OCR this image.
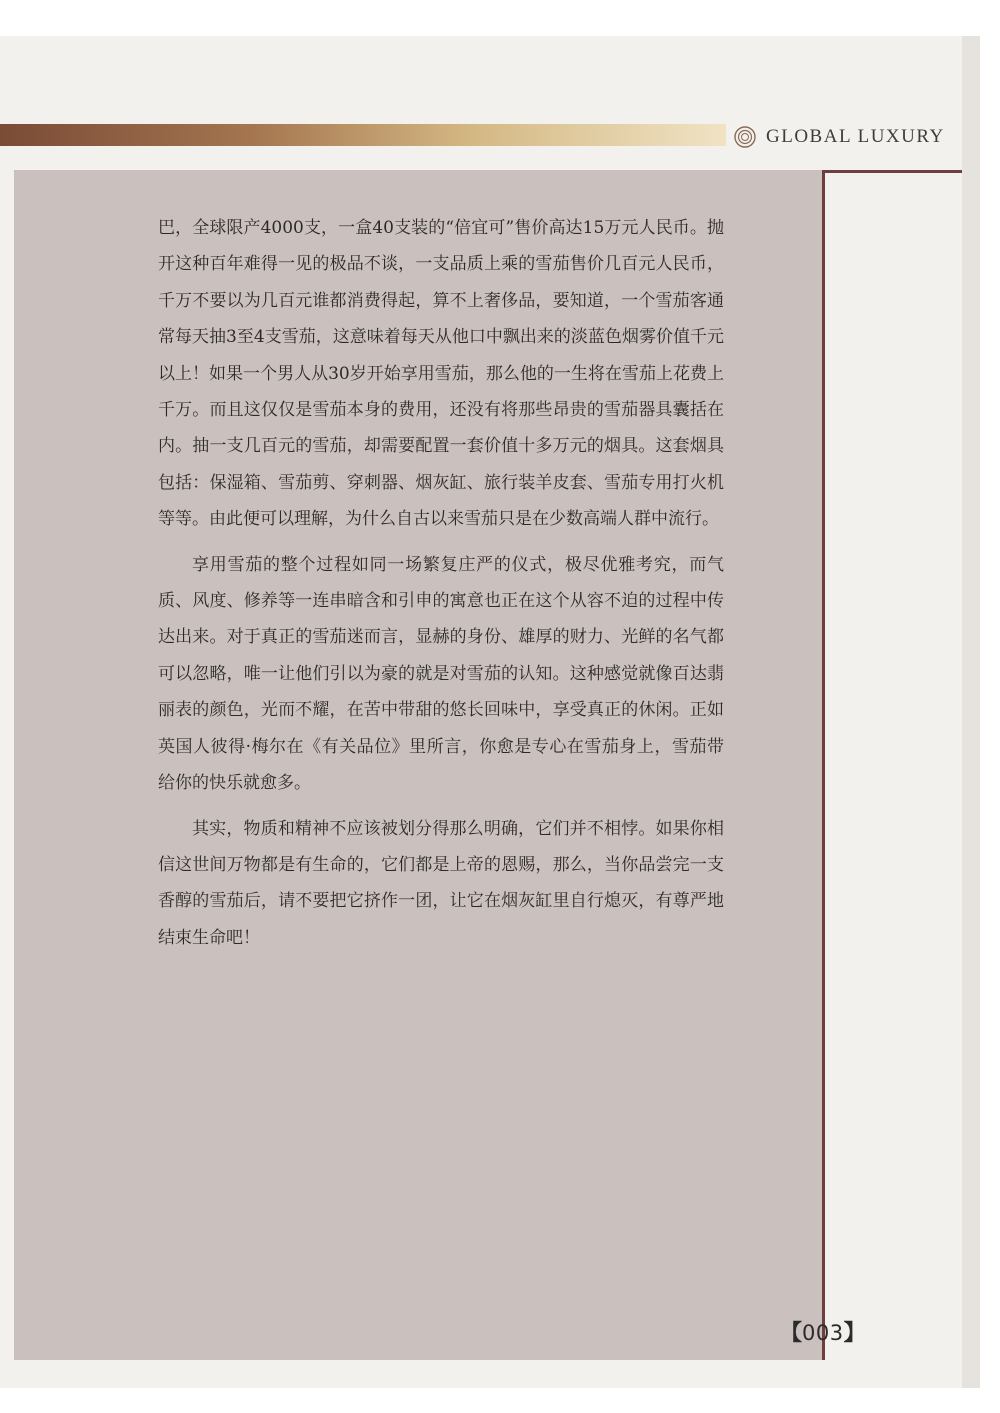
GLOBAL LUXURY

巴，全球限产4000支，一盒40支装的“倍宜可”售价高达15万元人民币。抛开这种百年难得一见的极品不谈，一支品质上乘的雪茄售价几百元人民币，千万不要以为几百元谁都消费得起，算不上奢侈品，要知道，一个雪茄客通常每天抽3至4支雪茄，这意味着每天从他口中飘出来的淡蓝色烟雾价值千元以上！如果一个男人从30岁开始享用雪茄，那么他的一生将在雪茄上花费上千万。而且这仅仅是雪茄本身的费用，还没有将那些昂贵的雪茄器具囊括在内。抽一支几百元的雪茄，却需要配置一套价值十多万元的烟具。这套烟具包括：保湿箱、雪茄剪、穿刺器、烟灰缸、旅行装羊皮套、雪茄专用打火机等等。由此便可以理解，为什么自古以来雪茄只是在少数高端人群中流行。

享用雪茄的整个过程如同一场繁复庄严的仪式，极尽优雅考究，而气质、风度、修养等一连串暗含和引申的寓意也正在这个从容不迫的过程中传达出来。对于真正的雪茄迷而言，显赫的身份、雄厚的财力、光鲜的名气都可以忽略，唯一让他们引以为豪的就是对雪茄的认知。这种感觉就像百达翡丽表的颜色，光而不耀，在苦中带甜的悠长回味中，享受真正的休闲。正如英国人彼得·梅尔在《有关品位》里所言，你愈是专心在雪茄身上，雪茄带给你的快乐就愈多。

其实，物质和精神不应该被划分得那么明确，它们并不相悖。如果你相信这世间万物都是有生命的，它们都是上帝的恩赐，那么，当你品尝完一支香醇的雪茄后，请不要把它挤作一团，让它在烟灰缸里自行熄灭，有尊严地结束生命吧！

【003】
